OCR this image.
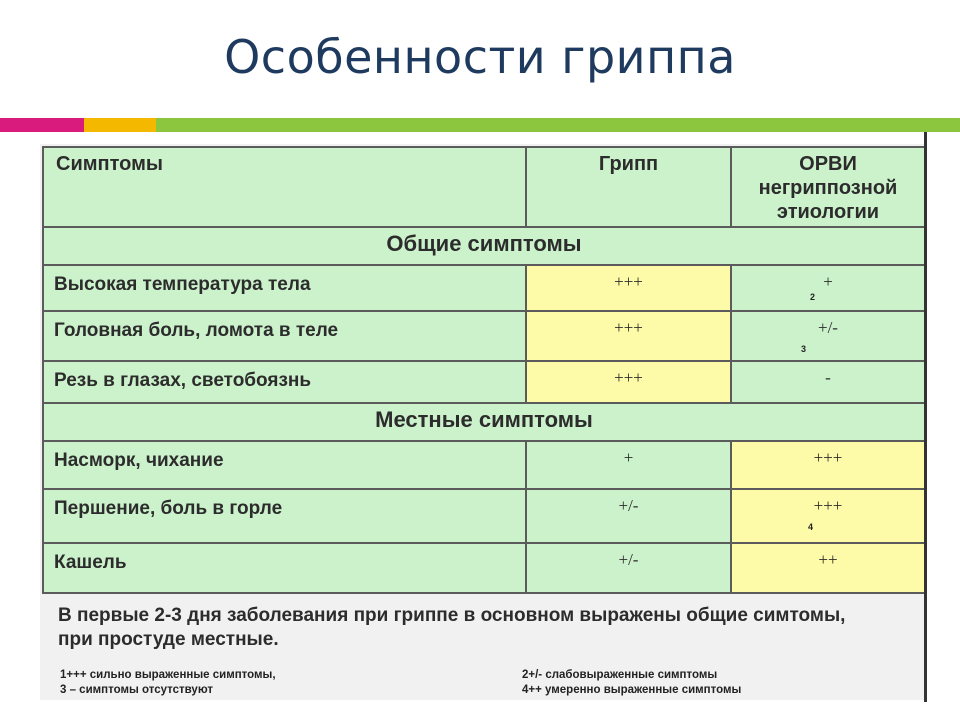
Особенности гриппа
Симптомы	Грипп	ОРВИ негриппозной этиологии
Общие симптомы		
Высокая температура тела	+++	+
2

Головная боль, ломота в теле	+++	+/-
3

Резь в глазах, светобоязнь	+++	-
Местные симптомы		
Насморк, чихание	+	+++
Першение, боль в горле	+/-	+++
4

Кашель	+/-	++
В первые 2-3 дня заболевания при гриппе в основном выражены общие симтомы, при простуде местные.
1+++ сильно выраженные симптомы,
3 – симптомы отсутствуют
2+/- слабовыраженные симптомы
4++ умеренно выраженные симптомы
